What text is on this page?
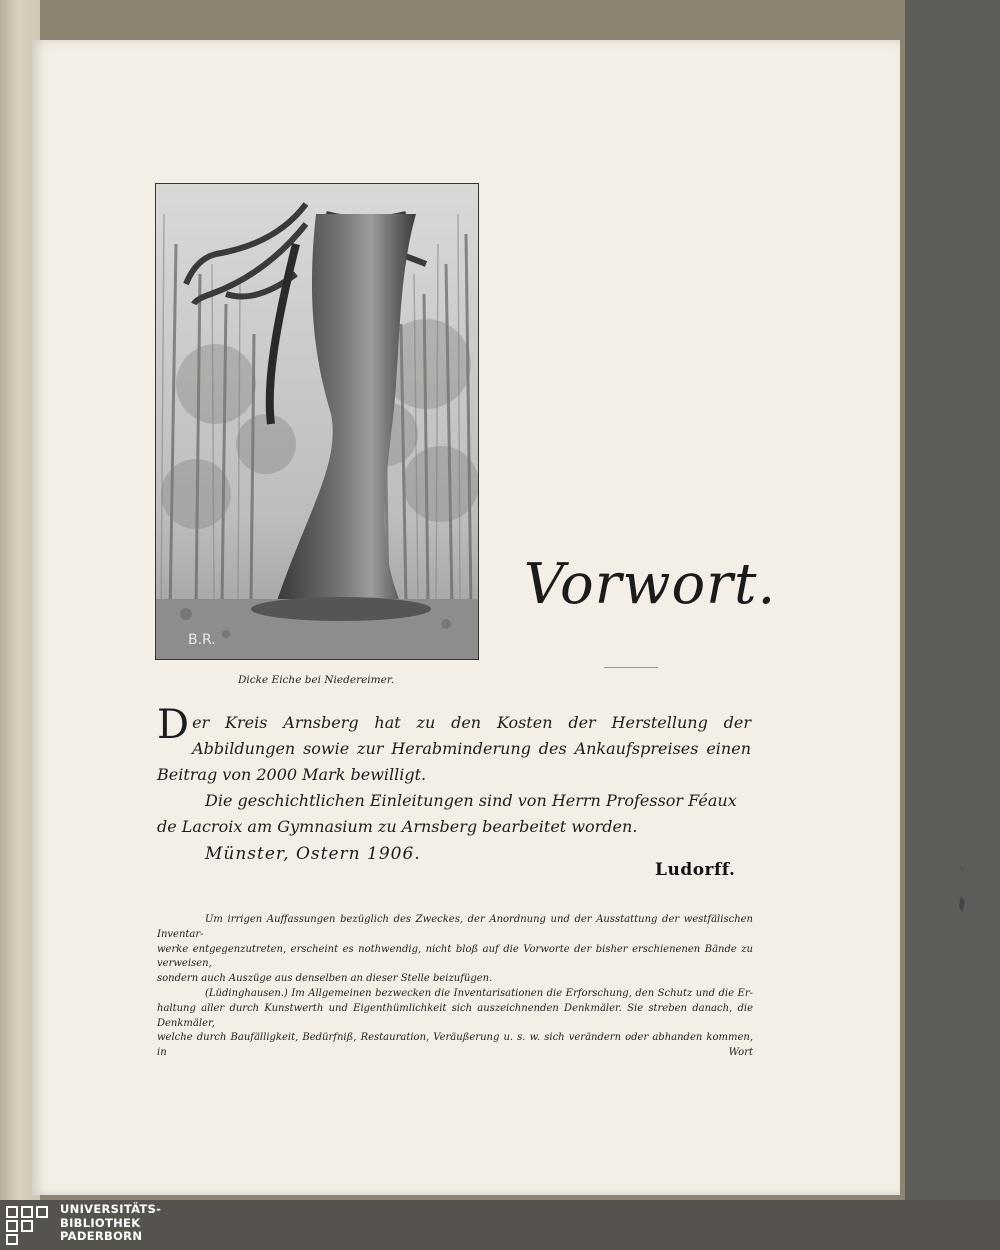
B.R.
Dicke Eiche bei Niedereimer.
Vorwort.

Der Kreis Arnsberg hat zu den Kosten der Herstellung der Abbildungen sowie zur Herabminderung des Ankaufspreises einen Beitrag von 2000 Mark bewilligt.

Die geschichtlichen Einleitungen sind von Herrn Professor Féaux de Lacroix am Gymnasium zu Arnsberg bearbeitet worden.

Münster, Ostern 1906.
Ludorff.

Um irrigen Auffassungen bezüglich des Zweckes, der Anordnung und der Ausstattung der westfälischen Inventar-

werke entgegenzutreten, erscheint es nothwendig, nicht bloß auf die Vorworte der bisher erschienenen Bände zu verweisen,

sondern auch Auszüge aus denselben an dieser Stelle beizufügen.

(Lüdinghausen.) Im Allgemeinen bezwecken die Inventarisationen die Erforschung, den Schutz und die Er-

haltung aller durch Kunstwerth und Eigenthümlichkeit sich auszeichnenden Denkmäler. Sie streben danach, die Denkmäler,

welche durch Baufälligkeit, Bedürfniß, Restauration, Veräußerung u. s. w. sich verändern oder abhanden kommen, in Wort

UNIVERSITÄTS-
BIBLIOTHEK
PADERBORN
